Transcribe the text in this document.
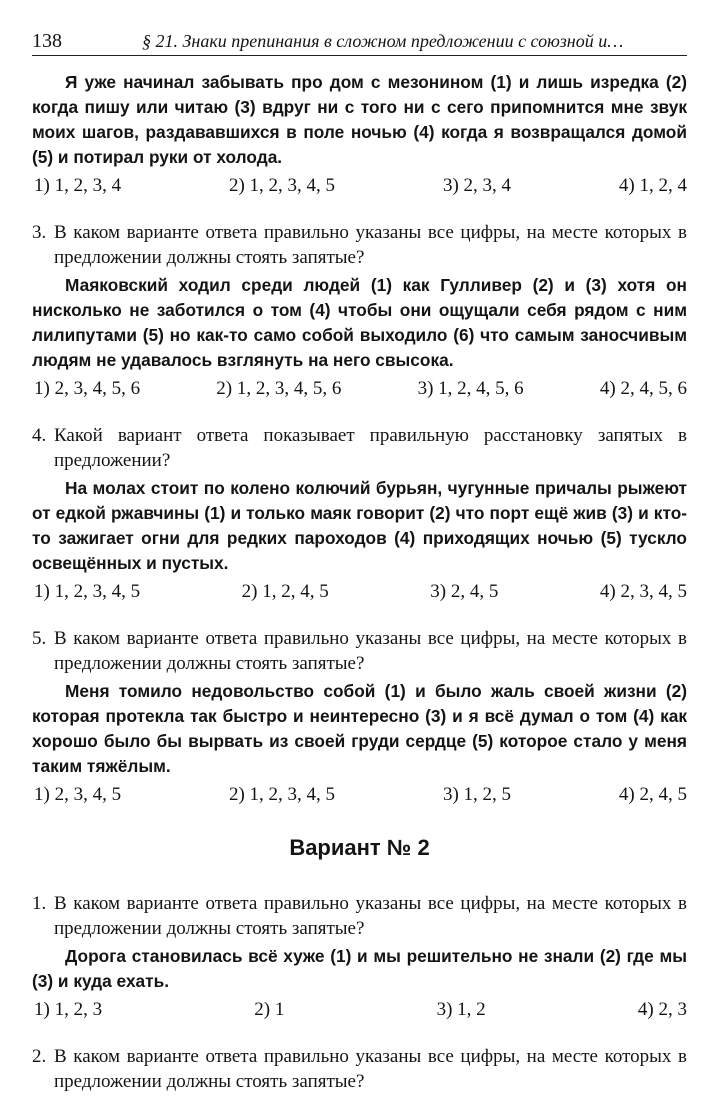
138	§ 21. Знаки препинания в сложном предложении с союзной и…
Я уже начинал забывать про дом с мезонином (1) и лишь изредка (2) когда пишу или читаю (3) вдруг ни с того ни с сего припомнится мне звук моих шагов, раздававшихся в поле ночью (4) когда я возвращался домой (5) и потирал руки от холода.
1) 1, 2, 3, 4	2) 1, 2, 3, 4, 5	3) 2, 3, 4	4) 1, 2, 4
3. В каком варианте ответа правильно указаны все цифры, на месте которых в предложении должны стоять запятые?
Маяковский ходил среди людей (1) как Гулливер (2) и (3) хотя он нисколько не заботился о том (4) чтобы они ощущали себя рядом с ним лилипутами (5) но как-то само собой выходило (6) что самым заносчивым людям не удавалось взглянуть на него свысока.
1) 2, 3, 4, 5, 6	2) 1, 2, 3, 4, 5, 6	3) 1, 2, 4, 5, 6	4) 2, 4, 5, 6
4. Какой вариант ответа показывает правильную расстановку запятых в предложении?
На молах стоит по колено колючий бурьян, чугунные причалы рыжеют от едкой ржавчины (1) и только маяк говорит (2) что порт ещё жив (3) и кто-то зажигает огни для редких пароходов (4) приходящих ночью (5) тускло освещённых и пустых.
1) 1, 2, 3, 4, 5	2) 1, 2, 4, 5	3) 2, 4, 5	4) 2, 3, 4, 5
5. В каком варианте ответа правильно указаны все цифры, на месте которых в предложении должны стоять запятые?
Меня томило недовольство собой (1) и было жаль своей жизни (2) которая протекла так быстро и неинтересно (3) и я всё думал о том (4) как хорошо было бы вырвать из своей груди сердце (5) которое стало у меня таким тяжёлым.
1) 2, 3, 4, 5	2) 1, 2, 3, 4, 5	3) 1, 2, 5	4) 2, 4, 5
Вариант № 2
1. В каком варианте ответа правильно указаны все цифры, на месте которых в предложении должны стоять запятые?
Дорога становилась всё хуже (1) и мы решительно не знали (2) где мы (3) и куда ехать.
1) 1, 2, 3	2) 1	3) 1, 2	4) 2, 3
2. В каком варианте ответа правильно указаны все цифры, на месте которых в предложении должны стоять запятые?
